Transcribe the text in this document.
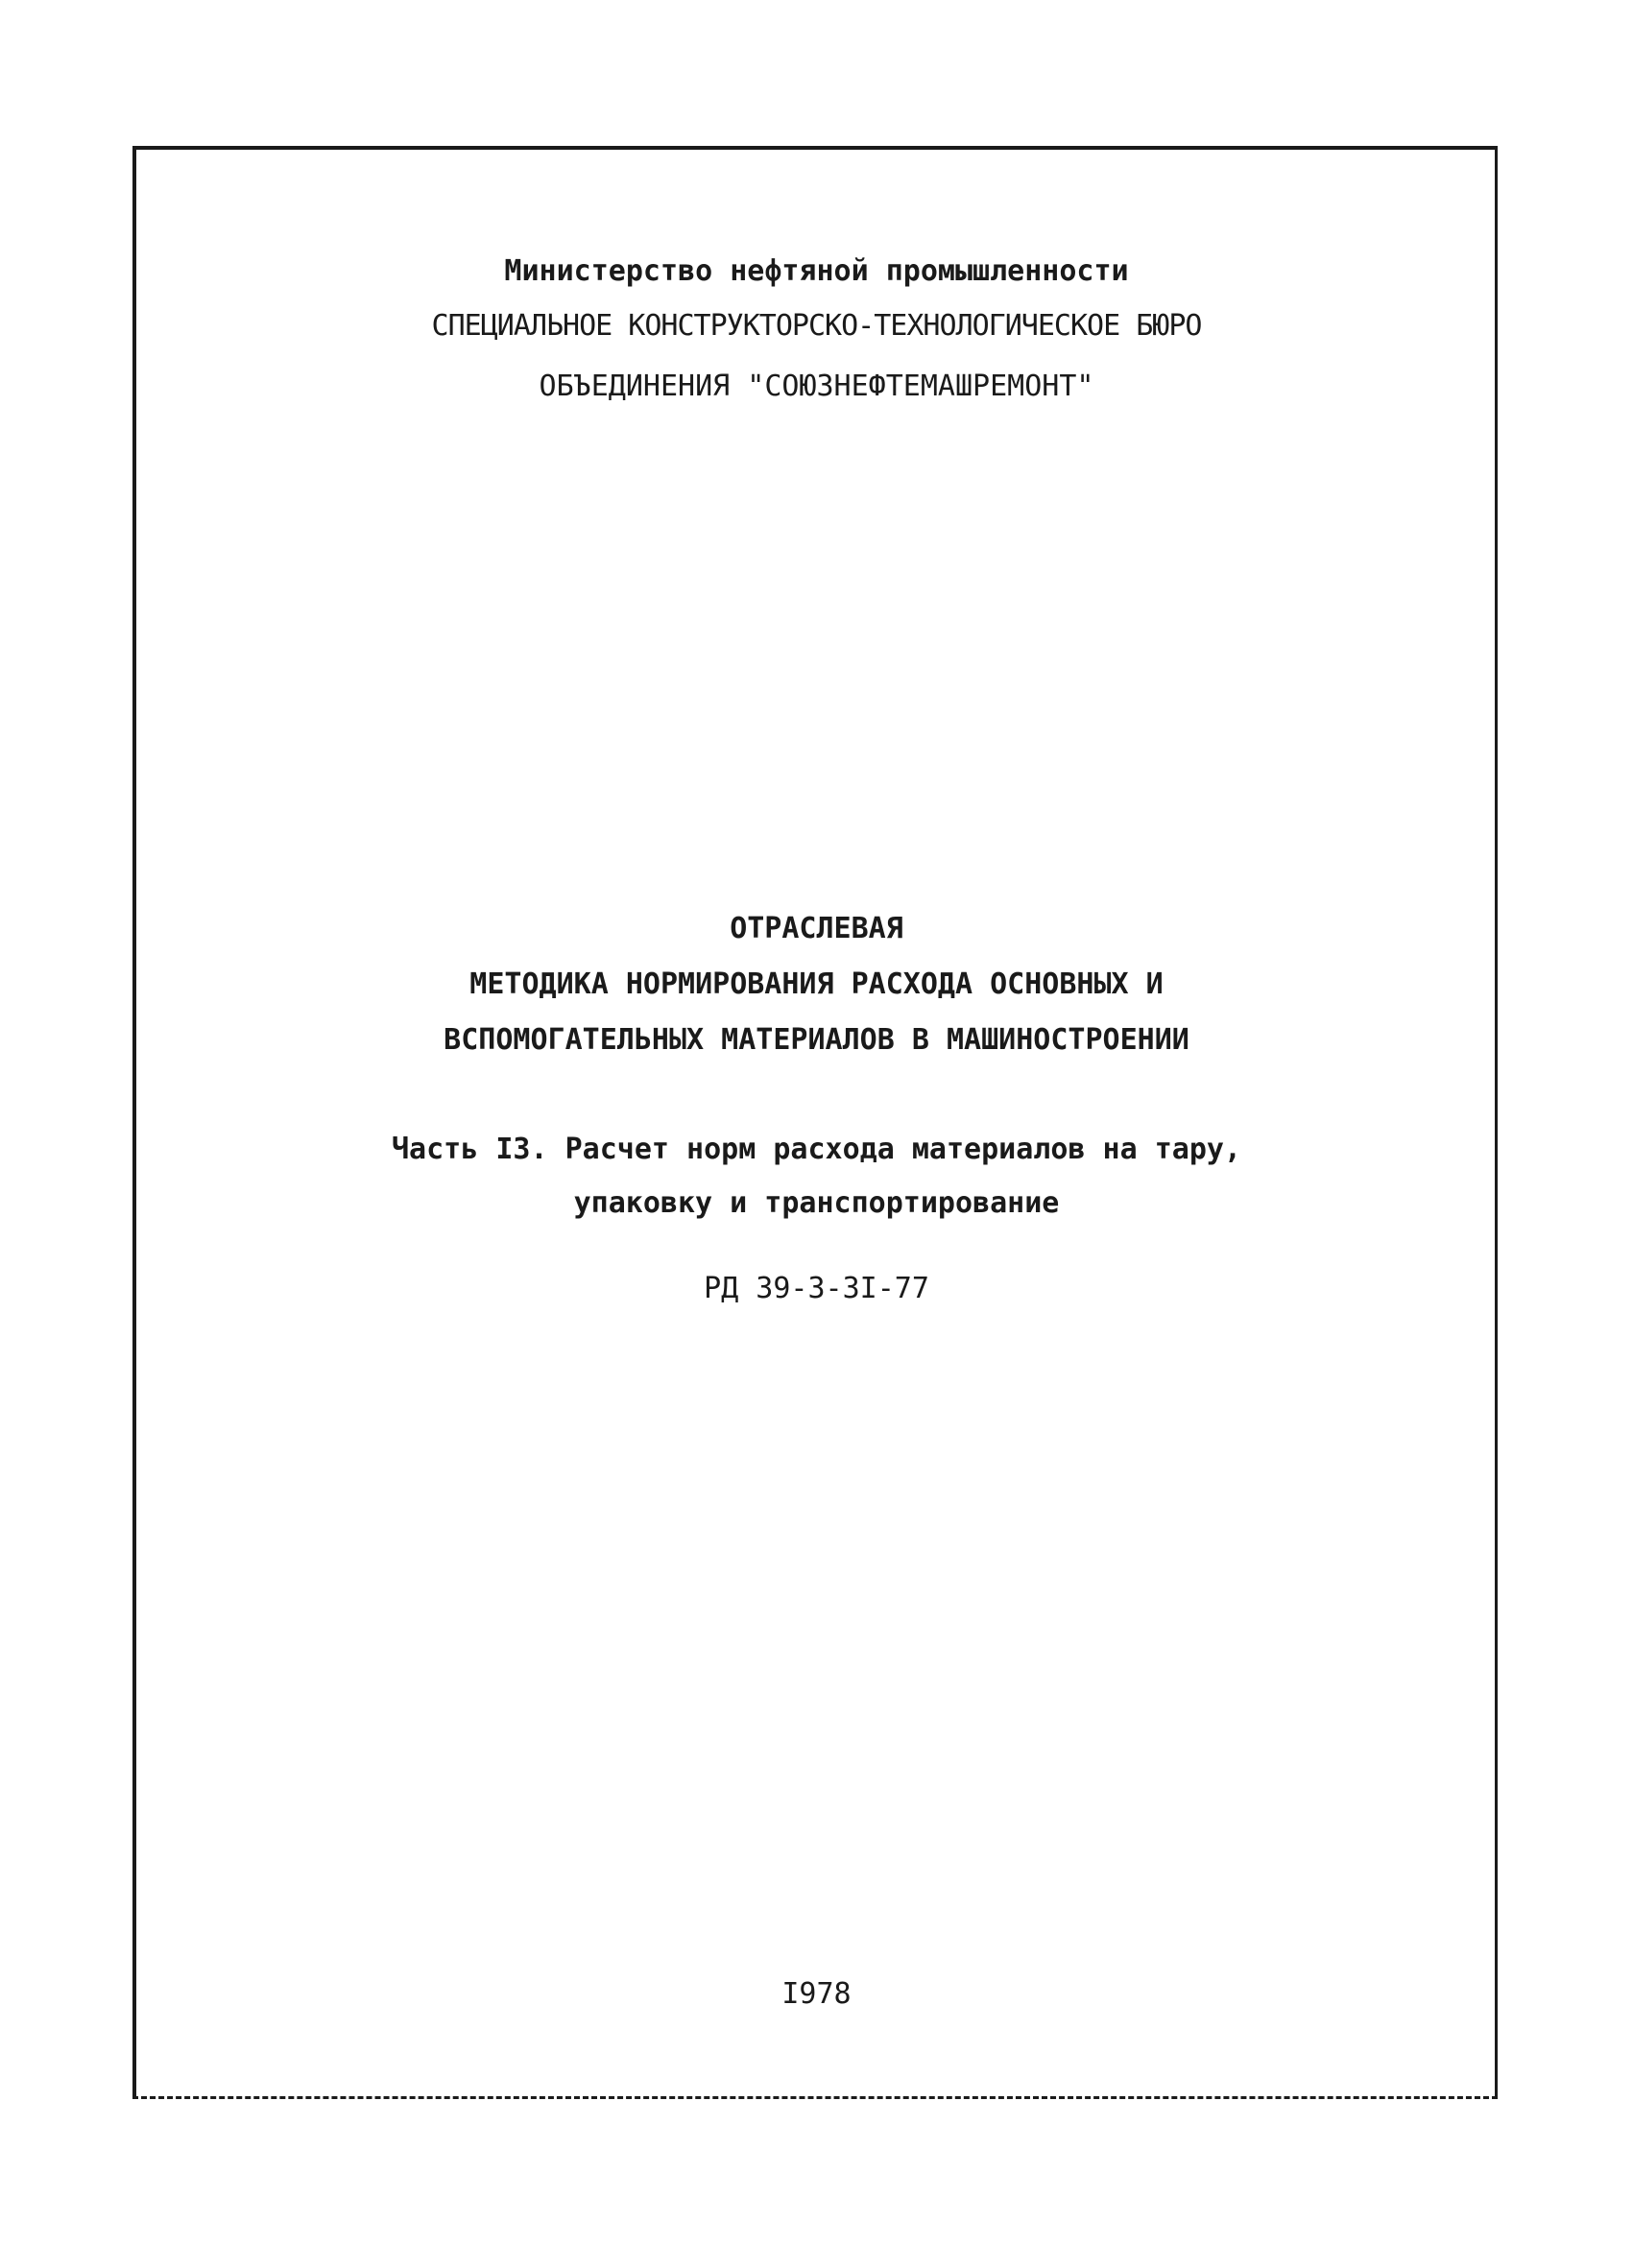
Министерство нефтяной промышленности
СПЕЦИАЛЬНОЕ КОНСТРУКТОРСКО-ТЕХНОЛОГИЧЕСКОЕ БЮРО
ОБЪЕДИНЕНИЯ "СОЮЗНЕФТЕМАШРЕМОНТ"
ОТРАСЛЕВАЯ
МЕТОДИКА НОРМИРОВАНИЯ РАСХОДА ОСНОВНЫХ И
ВСПОМОГАТЕЛЬНЫХ МАТЕРИАЛОВ В МАШИНОСТРОЕНИИ
Часть I3. Расчет норм расхода материалов на тару,
упаковку и транспортирование
РД 39-3-3I-77
I978
